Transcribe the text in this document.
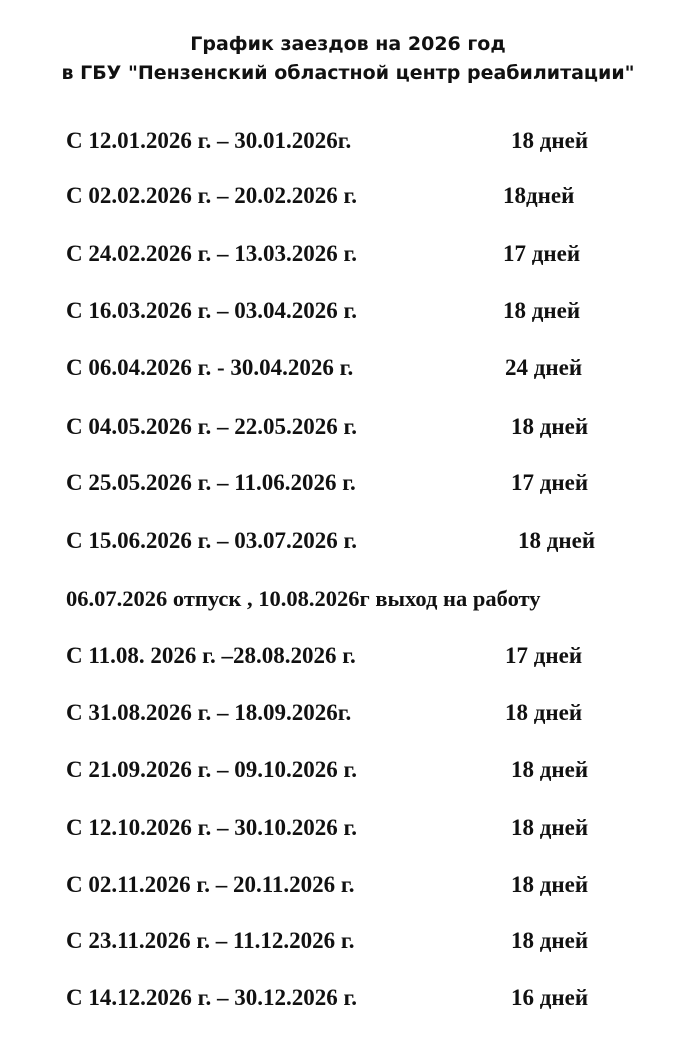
График заездов на 2026 год
в ГБУ "Пензенский областной центр реабилитации"
С 12.01.2026 г. – 30.01.2026г.	18 дней
С 02.02.2026 г. – 20.02.2026 г.	18дней
С 24.02.2026 г. – 13.03.2026 г.	17 дней
С 16.03.2026 г. – 03.04.2026 г.	18 дней
С 06.04.2026 г. - 30.04.2026 г.	24 дней
С 04.05.2026 г. – 22.05.2026 г.	18 дней
С 25.05.2026 г. – 11.06.2026 г.	17 дней
С 15.06.2026 г. – 03.07.2026 г.	18 дней
06.07.2026 отпуск , 10.08.2026г выход на работу
С 11.08. 2026 г. –28.08.2026 г.	17 дней
С 31.08.2026 г. – 18.09.2026г.	18 дней
С 21.09.2026 г. – 09.10.2026 г.	18 дней
С 12.10.2026 г. – 30.10.2026 г.	18 дней
С 02.11.2026 г. – 20.11.2026 г.	18 дней
С 23.11.2026 г. – 11.12.2026 г.	18 дней
С 14.12.2026 г. – 30.12.2026 г.	16 дней
